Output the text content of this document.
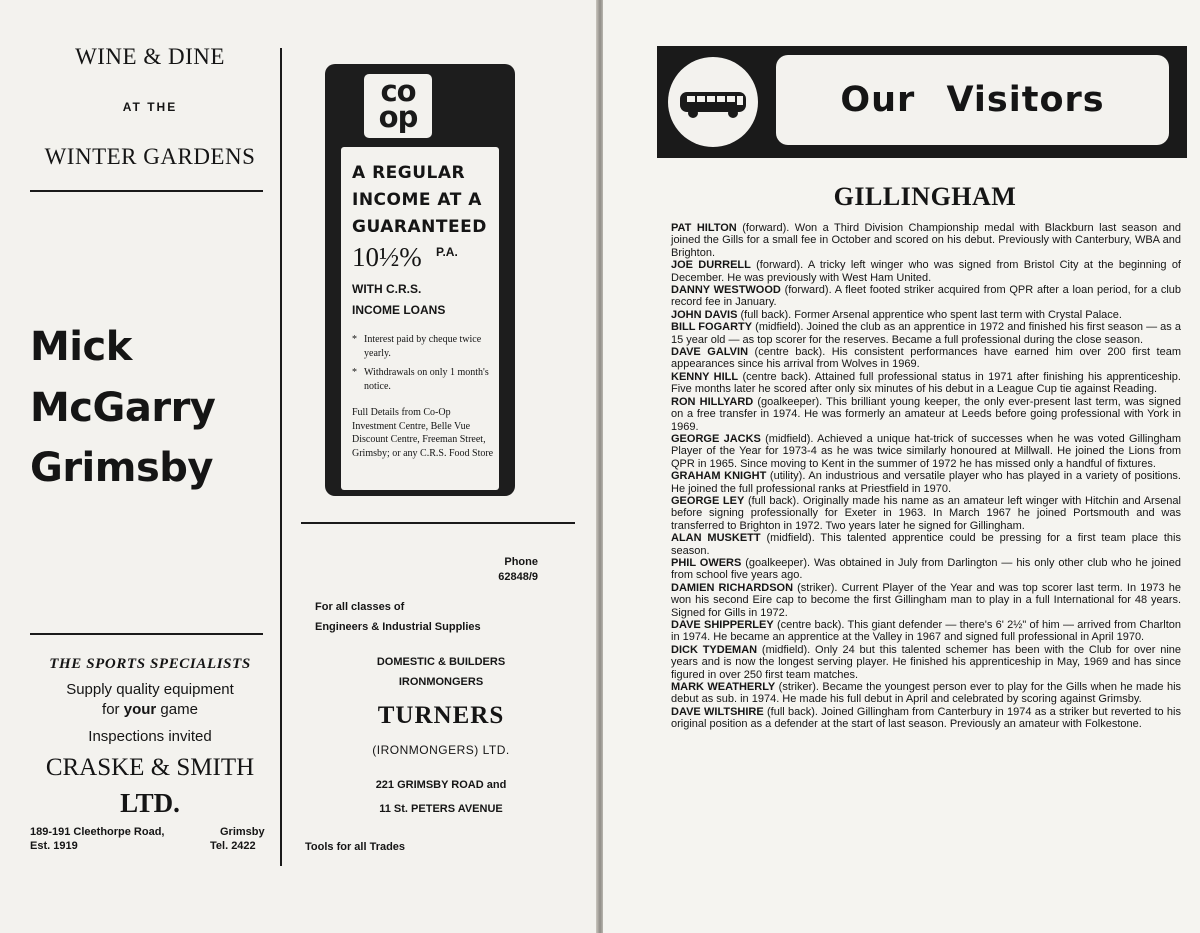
WINE & DINE
AT THE
WINTER GARDENS
Mick
McGarry
Grimsby
THE SPORTS SPECIALISTS
Supply quality equipment
for your game
Inspections invited
CRASKE & SMITH
LTD.
189-191 Cleethorpe Road,	Grimsby
Est. 1919	Tel. 2422
co
op
A REGULAR
INCOME AT A
GUARANTEED
10½% P.A.
WITH C.R.S.
INCOME LOANS
* Interest paid by cheque twice yearly.
* Withdrawals on only 1 month's notice.
Full Details from Co-Op Investment Centre, Belle Vue Discount Centre, Freeman Street, Grimsby; or any C.R.S. Food Store
Phone
62848/9
For all classes of
Engineers & Industrial Supplies
DOMESTIC & BUILDERS
IRONMONGERS
TURNERS
(IRONMONGERS) LTD.
221 GRIMSBY ROAD and
11 St. PETERS AVENUE
Tools for all Trades
Our Visitors
GILLINGHAM

PAT HILTON (forward). Won a Third Division Championship medal with Blackburn last season and joined the Gills for a small fee in October and scored on his debut. Previously with Canterbury, WBA and Brighton.

JOE DURRELL (forward). A tricky left winger who was signed from Bristol City at the beginning of December. He was previously with West Ham United.

DANNY WESTWOOD (forward). A fleet footed striker acquired from QPR after a loan period, for a club record fee in January.

JOHN DAVIS (full back). Former Arsenal apprentice who spent last term with Crystal Palace.

BILL FOGARTY (midfield). Joined the club as an apprentice in 1972 and finished his first season — as a 15 year old — as top scorer for the reserves. Became a full professional during the close season.

DAVE GALVIN (centre back). His consistent performances have earned him over 200 first team appearances since his arrival from Wolves in 1969.

KENNY HILL (centre back). Attained full professional status in 1971 after finishing his apprenticeship. Five months later he scored after only six minutes of his debut in a League Cup tie against Reading.

RON HILLYARD (goalkeeper). This brilliant young keeper, the only ever-present last term, was signed on a free transfer in 1974. He was formerly an amateur at Leeds before going professional with York in 1969.

GEORGE JACKS (midfield). Achieved a unique hat-trick of successes when he was voted Gillingham Player of the Year for 1973-4 as he was twice similarly honoured at Millwall. He joined the Lions from QPR in 1965. Since moving to Kent in the summer of 1972 he has missed only a handful of fixtures.

GRAHAM KNIGHT (utility). An industrious and versatile player who has played in a variety of positions. He joined the full professional ranks at Priestfield in 1970.

GEORGE LEY (full back). Originally made his name as an amateur left winger with Hitchin and Arsenal before signing professionally for Exeter in 1963. In March 1967 he joined Portsmouth and was transferred to Brighton in 1972. Two years later he signed for Gillingham.

ALAN MUSKETT (midfield). This talented apprentice could be pressing for a first team place this season.

PHIL OWERS (goalkeeper). Was obtained in July from Darlington — his only other club who he joined from school five years ago.

DAMIEN RICHARDSON (striker). Current Player of the Year and was top scorer last term. In 1973 he won his second Eire cap to become the first Gillingham man to play in a full International for 48 years. Signed for Gills in 1972.

DAVE SHIPPERLEY (centre back). This giant defender — there's 6' 2½" of him — arrived from Charlton in 1974. He became an apprentice at the Valley in 1967 and signed full professional in April 1970.

DICK TYDEMAN (midfield). Only 24 but this talented schemer has been with the Club for over nine years and is now the longest serving player. He finished his apprenticeship in May, 1969 and has since figured in over 250 first team matches.

MARK WEATHERLY (striker). Became the youngest person ever to play for the Gills when he made his debut as sub. in 1974. He made his full debut in April and celebrated by scoring against Grimsby.

DAVE WILTSHIRE (full back). Joined Gillingham from Canterbury in 1974 as a striker but reverted to his original position as a defender at the start of last season. Previously an amateur with Folkestone.
